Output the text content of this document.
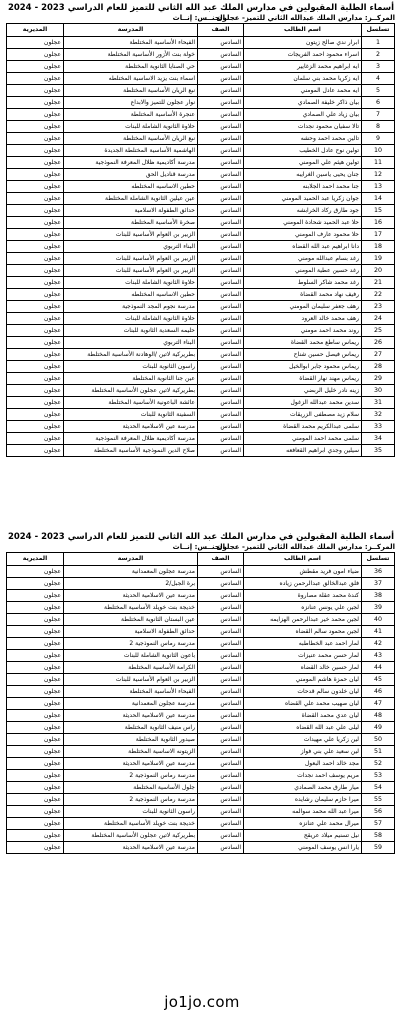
أسماء الطلبة المقبولين في مدارس الملك عبد الله الثاني للتميز للعام الدراسي 2023 - 2024
المركــز: مدارس الملك عبدالله الثاني للتميز- عجلون
الجنــس: إنــاث
تسلسل	اسم الطالب	الصف	المدرسة	المديرية
1	ابرار ندي صالح زيتون	السادس	الفيحاء الأساسية المختلطة	عجلون
2	اسراء محمود احمد الفريجات	السادس	خولة بنت الأزور الأساسية المختلطة	عجلون
3	ايه ابراهيم محمد الزغايير	السادس	حي الصنايا الثانوية المختلطة	عجلون
4	ايه زكريا محمد بني سلمان	السادس	اسماء بنت يزيد الاساسية المختلطه	عجلون
5	ايه محمد عادل المومني	السادس	نبع الريان الأساسية المختلطة	عجلون
6	بيان ذاكر خليفة الصمادي	السادس	نوار عجلون للتميز والابداع	عجلون
7	بيان زياد علي الصمادي	السادس	عنجرة الأساسية المختلطة	عجلون
8	تالا سفيان محمود نجدات	السادس	حلاوة الثانوية الشاملة للبنات	عجلون
9	تالين محمد احمد وحشه	السادس	نبع الريان الأساسية المختلطة	عجلون
10	تولين نوح عادل الخطيب	السادس	الهاشمية الأساسية المختلطة الجديدة	عجلون
11	تولين هيثم علي المومني	السادس	مدرسة أكاديمية ظلال المعرفة النموذجية	عجلون
12	جنان يحيى ياسين الغرايبه	السادس	مدرسة قناديل الحق	عجلون
13	جنا محمد احمد الجلابنه	السادس	حطين الاساسيه المختلطه	عجلون
14	جوان زكريا عبد الحميد المومني	السادس	عين عيلين الثانوية الشاملة المختلطة	عجلون
15	جود طارق ركاد الخرابشه	السادس	حدائق الطفولة الاسلامية	عجلون
16	حلا عبد الحميد شحادة المومني	السادس	صخرة الأساسية المختلطة	عجلون
17	حلا محمود عارف المومني	السادس	الزبير بن العوام الأساسية للبنات	عجلون
18	دانا ابراهيم عبد الله القضاه	السادس	البناء التربوي	عجلون
19	رغد بسام عبدالله مومني	السادس	الزبير بن العوام الأساسية للبنات	عجلون
20	رغد حسين عطية المومني	السادس	الزبير بن العوام الأساسية للبنات	عجلون
21	رغد محمد شاكر السلوط	السادس	حلاوة الثانوية الشاملة للبنات	عجلون
22	رفيف نهاد محمد القضاة	السادس	حطين الاساسيه المختلطه	عجلون
23	رهف جعفر سليمان المومني	السادس	مدرسة نجوم المجد النموذجية	عجلون
24	رهف محمد خالد العرود	السادس	حلاوة الثانوية الشاملة للبنات	عجلون
25	روند محمد احمد مومني	السادس	حليمه السعدية الثانوية للبنات	عجلون
26	ريماس ساطع محمد القضاة	السادس	البناء التربوي	عجلون
27	ريماس فيصل حسين شناح	السادس	بطريركية لاتين /الوهادنة الأساسية المختلطة	عجلون
28	ريماس محمود جابر ابوالخيل	السادس	راسون الثانوية للبنات	عجلون
29	ريماس مهند نهار القضاة	السادس	عين جنا الثانوية المختلطة	عجلون
30	زينه نادر خليل الربضي	السادس	بطريركية لاتين عجلون الأساسية المختلطة	عجلون
31	سدين محمد عبدالله الزغول	السادس	عائشة الباعونية الأساسية المختلطة	عجلون
32	سلام زيد مصطفى الزريقات	السادس	السفينة الثانوية للبنات	عجلون
33	سلمى عبدالكريم محمد القضاة	السادس	مدرسة عين الاسلامية الحديثة	عجلون
34	سلمى محمد احمد المومني	السادس	مدرسة أكاديمية ظلال المعرفة النموذجية	عجلون
35	سيلين وجدي ابراهيم القعافعه	السادس	صلاح الدين النموذجية الأساسية المختلطة	عجلون
أسماء الطلبة المقبولين في مدارس الملك عبد الله الثاني للتميز للعام الدراسي 2023 - 2024
المركــز: مدارس الملك عبدالله الثاني للتميز- عجلون
الجنــس: إنــاث
تسلسل	اسم الطالب	الصف	المدرسة	المديرية
36	ضياء امون فريد مقطش	السادس	مدرسة عجلون المعمدانية	عجلون
37	فلق عبدالخالق عبدالرحمن زياده	السادس	برة الجبل/2	عجلون
38	كندة محمد عقلة مصاروة	السادس	مدرسة عين الاسلامية الحديثة	عجلون
39	لجين علي يونس عنانزه	السادس	خديجة بنت خويلد الأساسية المختلطة	عجلون
40	لجين محمد خير عبدالرحمن الهزايمه	السادس	عين البستان الثانوية المختلطة	عجلون
41	لجين محمود سالم القضاه	السادس	حدائق الطفولة الاسلامية	عجلون
42	لمار احمد عبد الخطاطبه	السادس	مدرسة رماس النموذجية 2	عجلون
43	لمار حسن محمد عنيزات	السادس	باعون الثانوية الشاملة للبنات	عجلون
44	لمار حسين خالد القضاه	السادس	الكرامة الأساسية المختلطة	عجلون
45	ليان حمزة هاشم المومني	السادس	الزبير بن العوام الأساسية للبنات	عجلون
46	ليان خلدون سالم قدحات	السادس	الفيحاء الأساسية المختلطة	عجلون
47	ليان صهيب محمد علي القضاه	السادس	مدرسة عجلون المعمدانية	عجلون
48	ليان عدي محمد القضاة	السادس	مدرسة عين الاسلامية الحديثة	عجلون
49	ليلى علي عبد الله القضاه	السادس	راس منيف الثانوية المختلطة	عجلون
50	لين زكريا علي مهيدات	السادس	صيدور الثانوية المختلطة	عجلون
51	لين سعيد علي بني فواز	السادس	الزيتونه الاساسية المختلطة	عجلون
52	مجد خالد احمد البعول	السادس	مدرسة عين الاسلامية الحديثة	عجلون
53	مريم يوسف احمد نجدات	السادس	مدرسة رماس النموذجية 2	عجلون
54	ميار طارق محمد الصمادي	السادس	جلول الأساسية المختلطة	عجلون
55	ميرا حازم سليمان رشايده	السادس	مدرسة رماس النموذجية 2	عجلون
56	ميرا عبد الله محمد سوالمه	السادس	راسون الثانوية للبنات	عجلون
57	ميرال محمد علي عنانزه	السادس	خديجة بنت خويلد الأساسية المختلطة	عجلون
58	نيل تسنيم ميلاد عريقج	السادس	بطريركية لاتين عجلون الأساسية المختلطة	عجلون
59	يارا انس يوسف المومني	السادس	مدرسة عين الاسلامية الحديثة	عجلون
jo1jo.com
